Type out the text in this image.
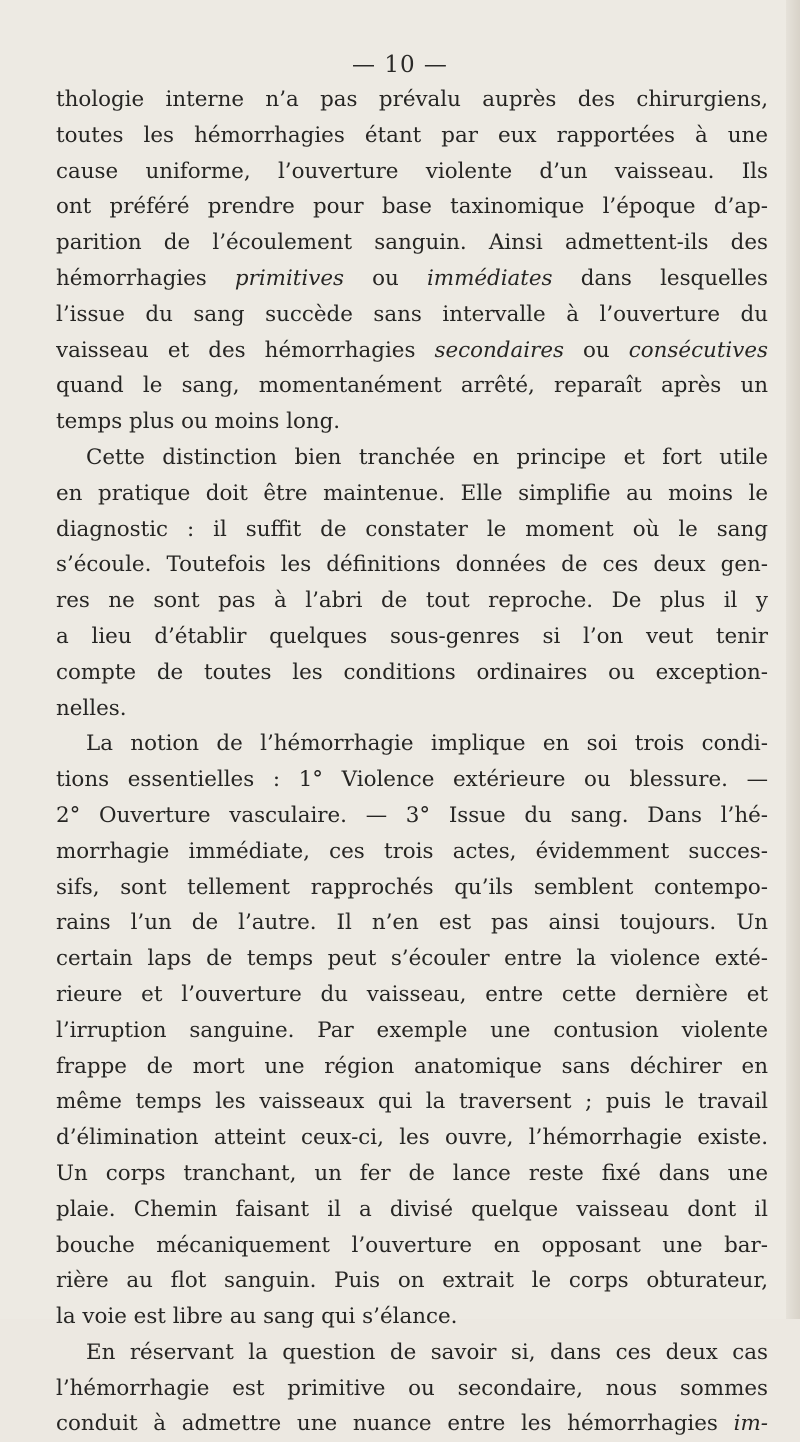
— 10 —
thologie interne n’a pas prévalu auprès des chirurgiens,
toutes les hémorrhagies étant par eux rapportées à une
cause uniforme, l’ouverture violente d’un vaisseau. Ils
ont préféré prendre pour base taxinomique l’époque d’ap-
parition de l’écoulement sanguin. Ainsi admettent-ils des
hémorrhagies primitives ou immédiates dans lesquelles
l’issue du sang succède sans intervalle à l’ouverture du
vaisseau et des hémorrhagies secondaires ou consécutives
quand le sang, momentanément arrêté, reparaît après un
temps plus ou moins long.
Cette distinction bien tranchée en principe et fort utile
en pratique doit être maintenue. Elle simplifie au moins le
diagnostic : il suffit de constater le moment où le sang
s’écoule. Toutefois les définitions données de ces deux gen-
res ne sont pas à l’abri de tout reproche. De plus il y
a lieu d’établir quelques sous-genres si l’on veut tenir
compte de toutes les conditions ordinaires ou exception-
nelles.
La notion de l’hémorrhagie implique en soi trois condi-
tions essentielles : 1° Violence extérieure ou blessure. —
2° Ouverture vasculaire. — 3° Issue du sang. Dans l’hé-
morrhagie immédiate, ces trois actes, évidemment succes-
sifs, sont tellement rapprochés qu’ils semblent contempo-
rains l’un de l’autre. Il n’en est pas ainsi toujours. Un
certain laps de temps peut s’écouler entre la violence exté-
rieure et l’ouverture du vaisseau, entre cette dernière et
l’irruption sanguine. Par exemple une contusion violente
frappe de mort une région anatomique sans déchirer en
même temps les vaisseaux qui la traversent ; puis le travail
d’élimination atteint ceux-ci, les ouvre, l’hémorrhagie existe.
Un corps tranchant, un fer de lance reste fixé dans une
plaie. Chemin faisant il a divisé quelque vaisseau dont il
bouche mécaniquement l’ouverture en opposant une bar-
rière au flot sanguin. Puis on extrait le corps obturateur,
la voie est libre au sang qui s’élance.
En réservant la question de savoir si, dans ces deux cas
l’hémorrhagie est primitive ou secondaire, nous sommes
conduit à admettre une nuance entre les hémorrhagies im-
